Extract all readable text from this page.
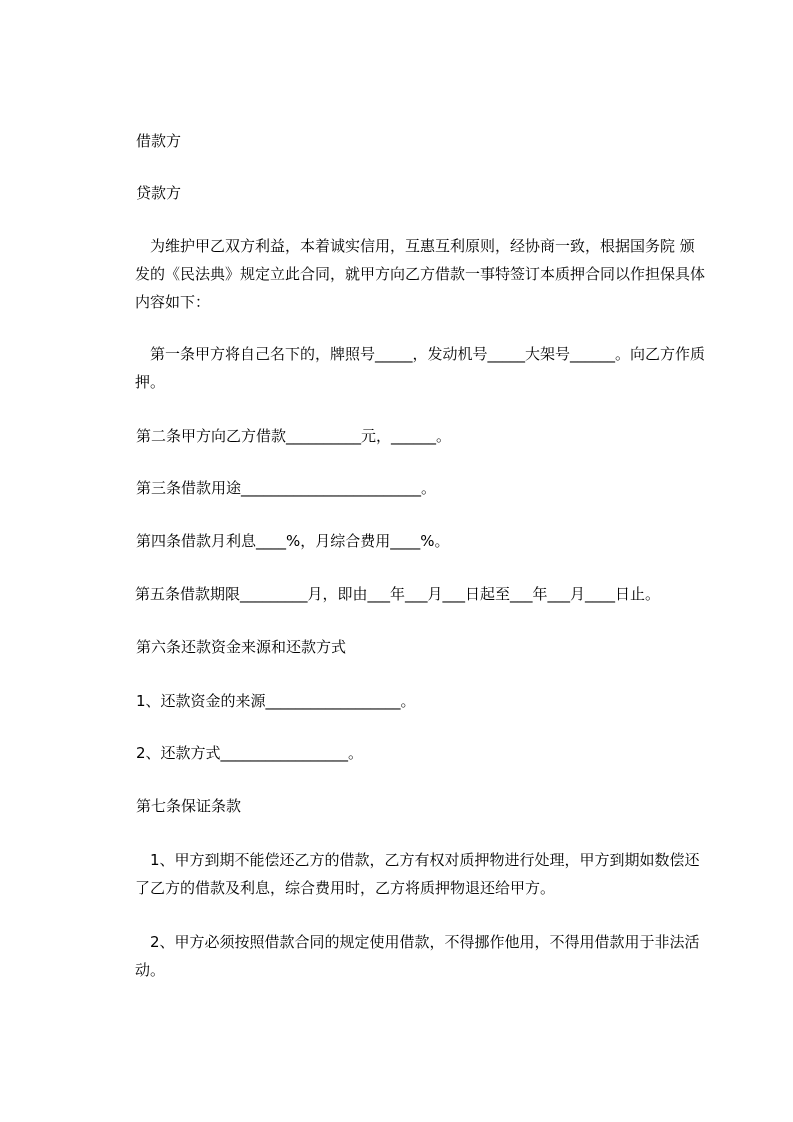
借款方

贷款方

　为维护甲乙双方利益，本着诚实信用，互惠互利原则，经协商一致，根据国务院 颁发的《民法典》规定立此合同，就甲方向乙方借款一事特签订本质押合同以作担保具体内容如下：

　第一条甲方将自己名下的，牌照号_____，发动机号_____大架号______。向乙方作质押。

第二条甲方向乙方借款__________元，______。

第三条借款用途________________________。

第四条借款月利息____%，月综合费用____%。

第五条借款期限_________月，即由___年___月___日起至___年___月____日止。

第六条还款资金来源和还款方式

1、还款资金的来源__________________。

2、还款方式_________________。

第七条保证条款

　1、甲方到期不能偿还乙方的借款，乙方有权对质押物进行处理，甲方到期如数偿还了乙方的借款及利息，综合费用时，乙方将质押物退还给甲方。

　2、甲方必须按照借款合同的规定使用借款，不得挪作他用，不得用借款用于非法活动。
